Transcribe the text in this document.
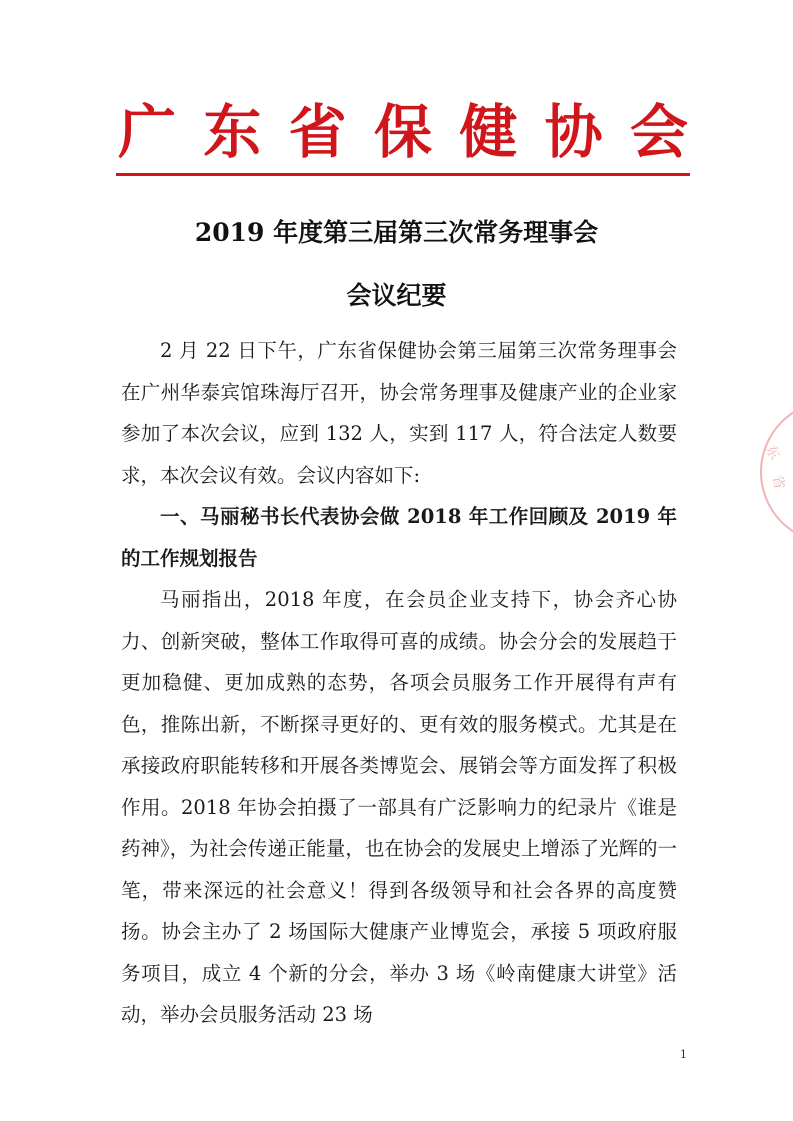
广 东 省 保 健 协 会
2019 年度第三届第三次常务理事会
会议纪要

2 月 22 日下午，广东省保健协会第三届第三次常务理事会在广州华泰宾馆珠海厅召开，协会常务理事及健康产业的企业家参加了本次会议，应到 132 人，实到 117 人，符合法定人数要求，本次会议有效。会议内容如下:

一、马丽秘书长代表协会做 2018 年工作回顾及 2019 年的工作规划报告

马丽指出，2018 年度，在会员企业支持下，协会齐心协力、创新突破，整体工作取得可喜的成绩。协会分会的发展趋于更加稳健、更加成熟的态势，各项会员服务工作开展得有声有色，推陈出新，不断探寻更好的、更有效的服务模式。尤其是在承接政府职能转移和开展各类博览会、展销会等方面发挥了积极作用。2018 年协会拍摄了一部具有广泛影响力的纪录片《谁是药神》，为社会传递正能量，也在协会的发展史上增添了光辉的一笔，带来深远的社会意义！得到各级领导和社会各界的高度赞扬。协会主办了 2 场国际大健康产业博览会，承接 5 项政府服务项目，成立 4 个新的分会，举办 3 场《岭南健康大讲堂》活动，举办会员服务活动 23 场

东
省
1
